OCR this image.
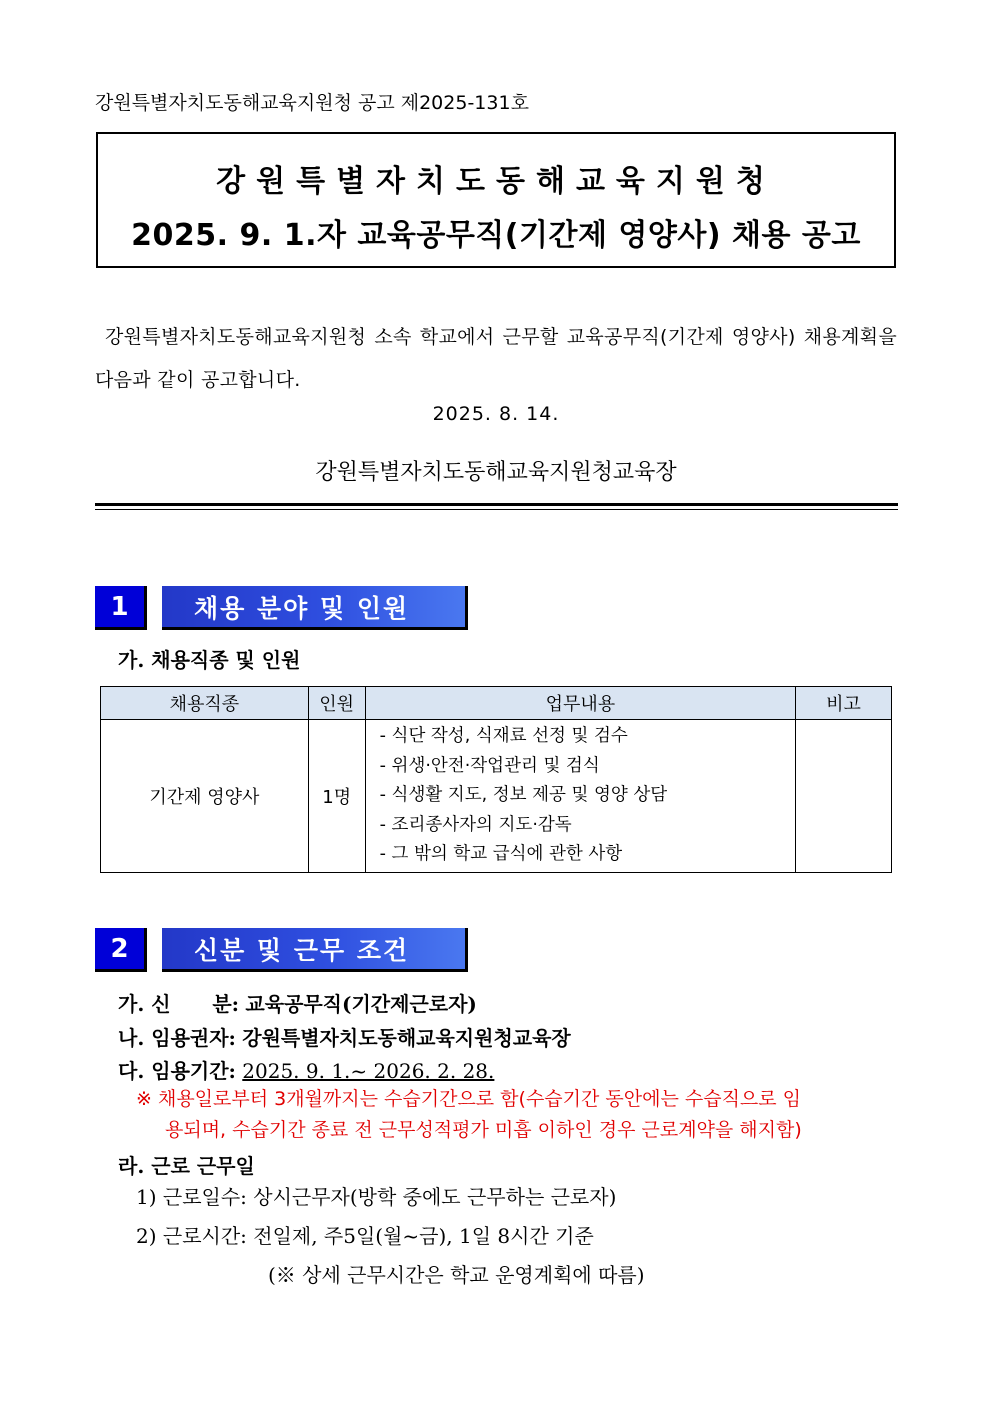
강원특별자치도동해교육지원청 공고 제2025-131호
강원특별자치도동해교육지원청
2025. 9. 1.자 교육공무직(기간제 영양사) 채용 공고
강원특별자치도동해교육지원청 소속 학교에서 근무할 교육공무직(기간제 영양사) 채용계획을 다음과 같이 공고합니다.
2025. 8. 14.
강원특별자치도동해교육지원청교육장
1	채용 분야 및 인원
가. 채용직종 및 인원
채용직종	인원	업무내용	비고
기간제 영양사	1명	- 식단 작성, 식재료 선정 및 검수
- 위생·안전·작업관리 및 검식
- 식생활 지도, 정보 제공 및 영양 상담
- 조리종사자의 지도·감독
- 그 밖의 학교 급식에 관한 사항	

2	신분 및 근무 조건
가. 신      분: 교육공무직(기간제근로자)
나. 임용권자: 강원특별자치도동해교육지원청교육장
다. 임용기간: 2025. 9. 1.~ 2026. 2. 28.
※ 채용일로부터 3개월까지는 수습기간으로 함(수습기간 동안에는 수습직으로 임
용되며, 수습기간 종료 전 근무성적평가 미흡 이하인 경우 근로계약을 해지함)
라. 근로 근무일
1) 근로일수: 상시근무자(방학 중에도 근무하는 근로자)
2) 근로시간: 전일제, 주5일(월~금), 1일 8시간 기준
(※ 상세 근무시간은 학교 운영계획에 따름)
